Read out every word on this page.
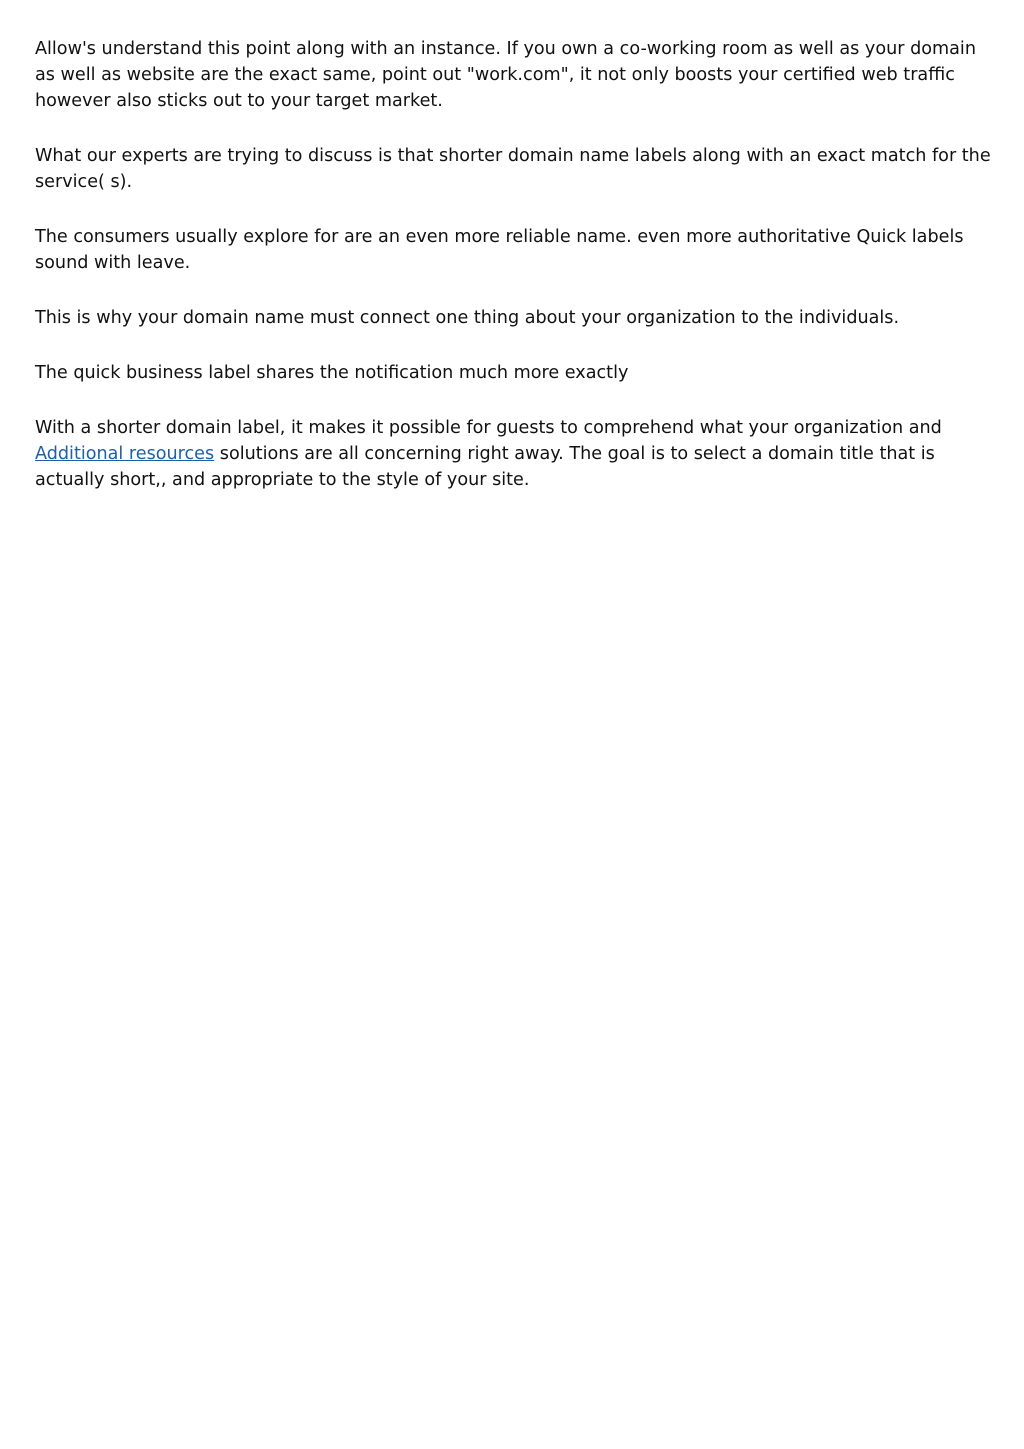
Allow's understand this point along with an instance. If you own a co-working room as well as your domain as well as website are the exact same, point out "work.com", it not only boosts your certified web traffic however also sticks out to your target market.

What our experts are trying to discuss is that shorter domain name labels along with an exact match for the service( s).

The consumers usually explore for are an even more reliable name. even more authoritative Quick labels sound with leave.

This is why your domain name must connect one thing about your organization to the individuals.

The quick business label shares the notification much more exactly

With a shorter domain label, it makes it possible for guests to comprehend what your organization and Additional resources solutions are all concerning right away. The goal is to select a domain title that is actually short,, and appropriate to the style of your site.
